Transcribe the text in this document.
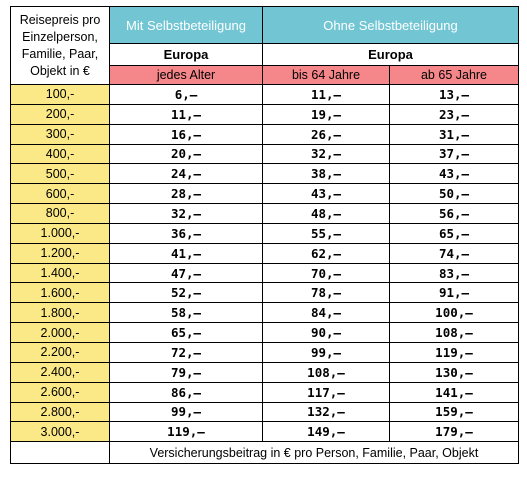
Reisepreis pro Einzelperson, Familie, Paar, Objekt in €	Mit Selbstbeteiligung	Ohne Selbstbeteiligung	
	Europa	Europa	
	jedes Alter	bis 64 Jahre	ab 65 Jahre
100,-	6,–	11,–	13,–
200,-	11,–	19,–	23,–
300,-	16,–	26,–	31,–
400,-	20,–	32,–	37,–
500,-	24,–	38,–	43,–
600,-	28,–	43,–	50,–
800,-	32,–	48,–	56,–
1.000,-	36,–	55,–	65,–
1.200,-	41,–	62,–	74,–
1.400,-	47,–	70,–	83,–
1.600,-	52,–	78,–	91,–
1.800,-	58,–	84,–	100,–
2.000,-	65,–	90,–	108,–
2.200,-	72,–	99,–	119,–
2.400,-	79,–	108,–	130,–
2.600,-	86,–	117,–	141,–
2.800,-	99,–	132,–	159,–
3.000,-	119,–	149,–	179,–
	Versicherungsbeitrag in € pro Person, Familie, Paar, Objekt		
